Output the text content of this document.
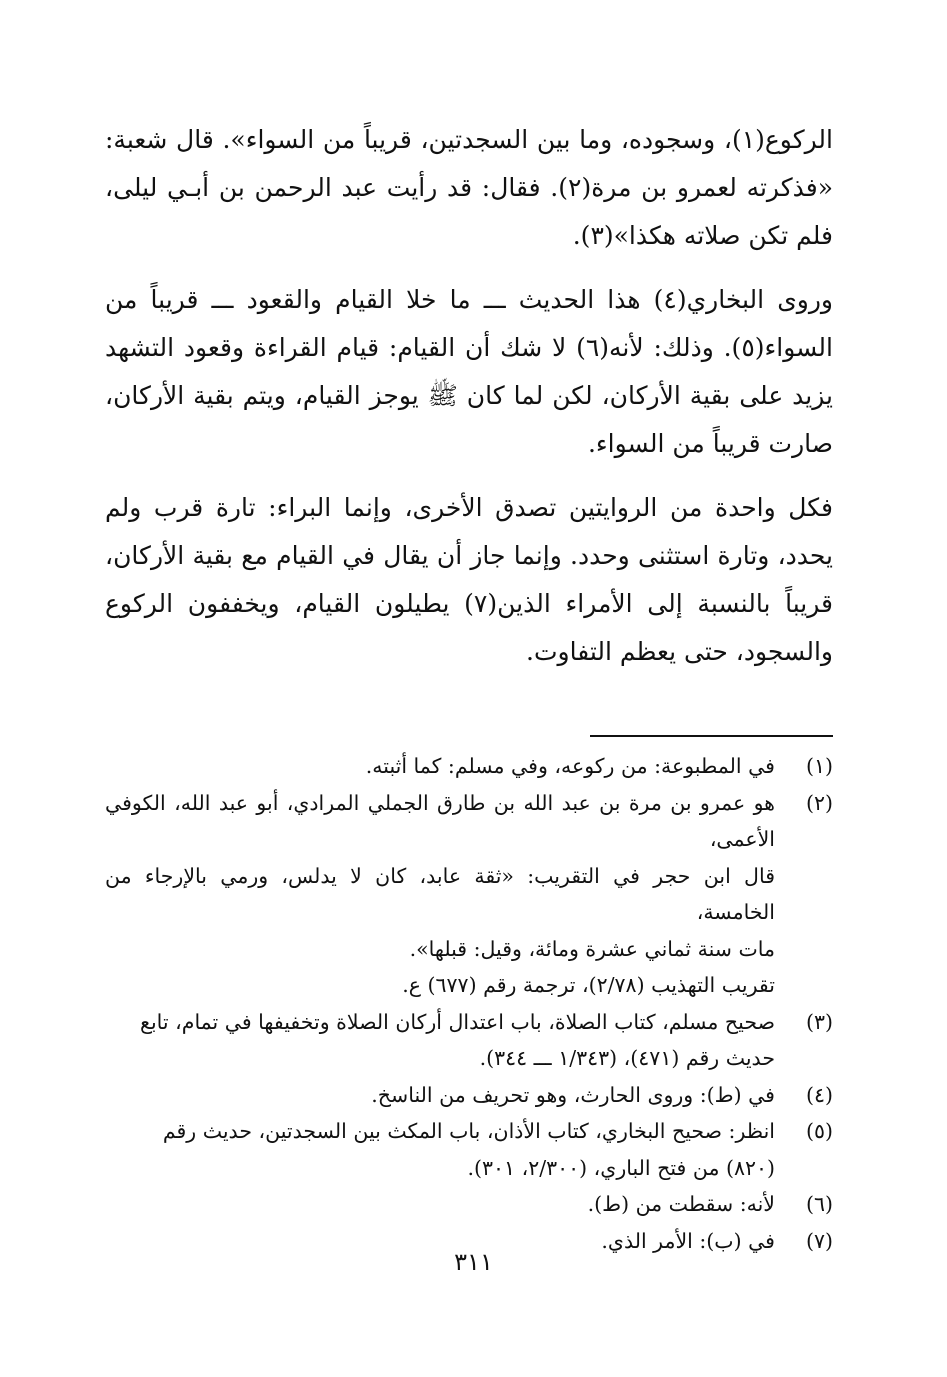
الركوع(١)، وسجوده، وما بين السجدتين، قريباً من السواء». قال شعبة: «فذكرته لعمرو بن مرة(٢). فقال: قد رأيت عبد الرحمن بن أبـي ليلى، فلم تكن صلاته هكذا»(٣).

وروى البخاري(٤) هذا الحديث ـــ ما خلا القيام والقعود ـــ قريباً من السواء(٥). وذلك: لأنه(٦) لا شك أن القيام: قيام القراءة وقعود التشهد يزيد على بقية الأركان، لكن لما كان ﷺ يوجز القيام، ويتم بقية الأركان، صارت قريباً من السواء.

فكل واحدة من الروايتين تصدق الأخرى، وإنما البراء: تارة قرب ولم يحدد، وتارة استثنى وحدد. وإنما جاز أن يقال في القيام مع بقية الأركان، قريباً بالنسبة إلى الأمراء الذين(٧) يطيلون القيام، ويخففون الركوع والسجود، حتى يعظم التفاوت.

(١)
في المطبوعة: من ركوعه، وفي مسلم: كما أثبته.
(٢)
هو عمرو بن مرة بن عبد الله بن طارق الجملي المرادي، أبو عبد الله، الكوفي الأعمى،
قال ابن حجر في التقريب: «ثقة عابد، كان لا يدلس، ورمي بالإرجاء من الخامسة،
مات سنة ثماني عشرة ومائة، وقيل: قبلها».
تقريب التهذيب (٢/٧٨)، ترجمة رقم (٦٧٧) ع.
(٣)
صحيح مسلم، كتاب الصلاة، باب اعتدال أركان الصلاة وتخفيفها في تمام، تابع
حديث رقم (٤٧١)، (١/٣٤٣ ـــ ٣٤٤).
(٤)
في (ط): وروى الحارث، وهو تحريف من الناسخ.
(٥)
انظر: صحيح البخاري، كتاب الأذان، باب المكث بين السجدتين، حديث رقم
(٨٢٠) من فتح الباري، (٢/٣٠٠، ٣٠١).
(٦)
لأنه: سقطت من (ط).
(٧)
في (ب): الأمر الذي.
٣١١
